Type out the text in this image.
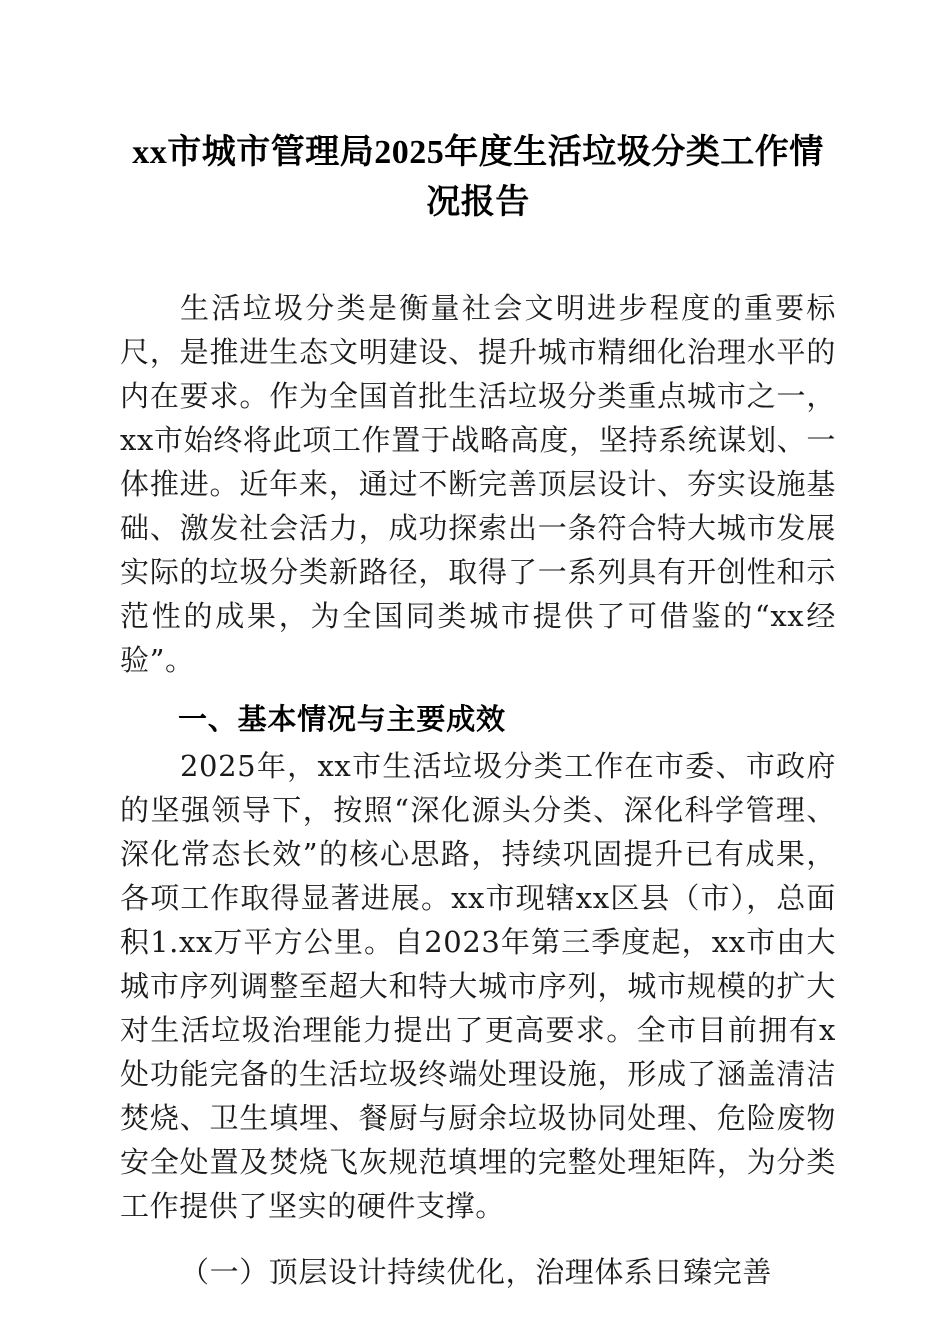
xx市城市管理局2025年度生活垃圾分类工作情况报告

生活垃圾分类是衡量社会文明进步程度的重要标尺，是推进生态文明建设、提升城市精细化治理水平的内在要求。作为全国首批生活垃圾分类重点城市之一，xx市始终将此项工作置于战略高度，坚持系统谋划、一体推进。近年来，通过不断完善顶层设计、夯实设施基础、激发社会活力，成功探索出一条符合特大城市发展实际的垃圾分类新路径，取得了一系列具有开创性和示范性的成果，为全国同类城市提供了可借鉴的“xx经验”。

一、基本情况与主要成效

2025年，xx市生活垃圾分类工作在市委、市政府的坚强领导下，按照“深化源头分类、深化科学管理、深化常态长效”的核心思路，持续巩固提升已有成果，各项工作取得显著进展。xx市现辖xx区县（市），总面积1.xx万平方公里。自2023年第三季度起，xx市由大城市序列调整至超大和特大城市序列，城市规模的扩大对生活垃圾治理能力提出了更高要求。全市目前拥有x处功能完备的生活垃圾终端处理设施，形成了涵盖清洁焚烧、卫生填埋、餐厨与厨余垃圾协同处理、危险废物安全处置及焚烧飞灰规范填埋的完整处理矩阵，为分类工作提供了坚实的硬件支撑。

（一）顶层设计持续优化，治理体系日臻完善
